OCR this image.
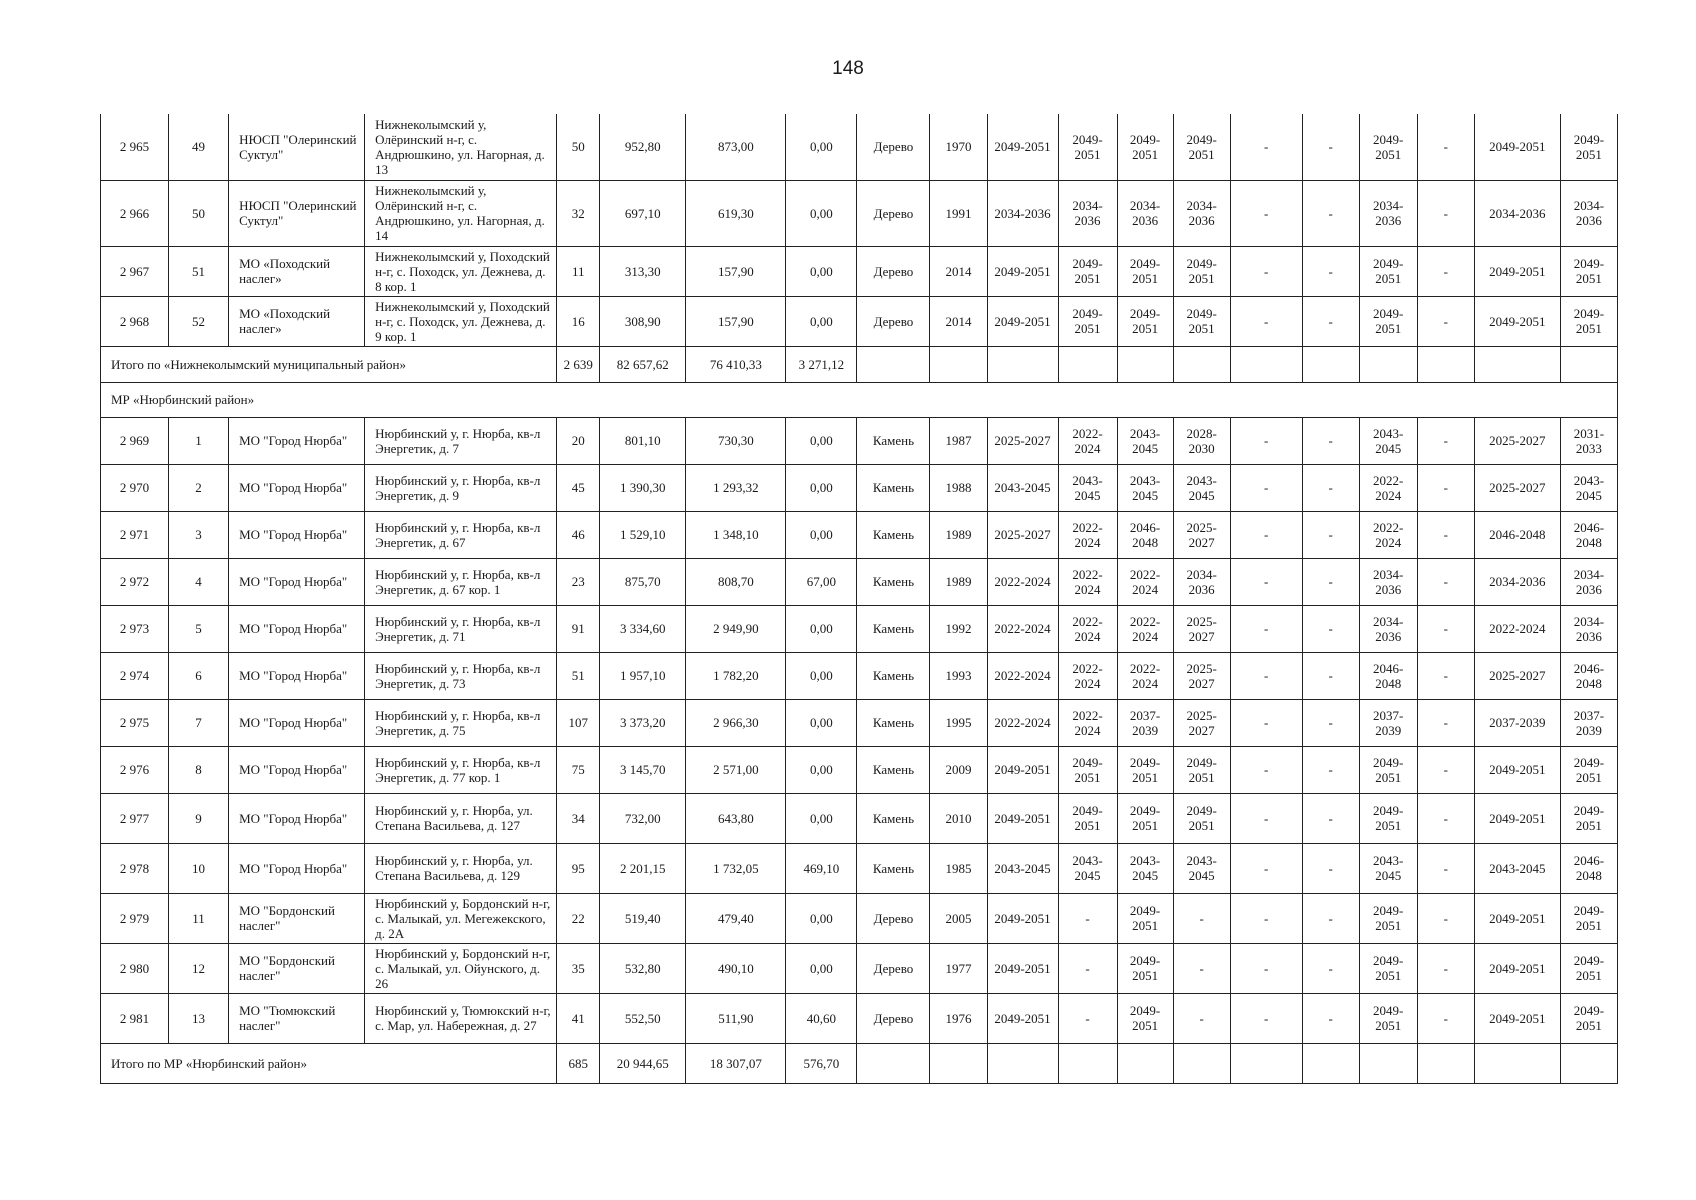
148
2 965	49	НЮСП "Олеринский Суктул"	Нижнеколымский у, Олёринский н-г, с. Андрюшкино, ул. Нагорная, д. 13	50	952,80	873,00	0,00	Дерево	1970	2049-2051	2049-2051	2049-2051	2049-2051	-	-	2049-2051	-	2049-2051	2049-2051
2 966	50	НЮСП "Олеринский Суктул"	Нижнеколымский у, Олёринский н-г, с. Андрюшкино, ул. Нагорная, д. 14	32	697,10	619,30	0,00	Дерево	1991	2034-2036	2034-2036	2034-2036	2034-2036	-	-	2034-2036	-	2034-2036	2034-2036
2 967	51	МО «Походский наслег»	Нижнеколымский у, Походский н-г, с. Походск, ул. Дежнева, д. 8 кор. 1	11	313,30	157,90	0,00	Дерево	2014	2049-2051	2049-2051	2049-2051	2049-2051	-	-	2049-2051	-	2049-2051	2049-2051
2 968	52	МО «Походский наслег»	Нижнеколымский у, Походский н-г, с. Походск, ул. Дежнева, д. 9 кор. 1	16	308,90	157,90	0,00	Дерево	2014	2049-2051	2049-2051	2049-2051	2049-2051	-	-	2049-2051	-	2049-2051	2049-2051
Итого по «Нижнеколымский муниципальный район»				2 639	82 657,62	76 410,33	3 271,12												
МР «Нюрбинский район»																			
2 969	1	МО "Город Нюрба"	Нюрбинский у, г. Нюрба, кв-л Энергетик, д. 7	20	801,10	730,30	0,00	Камень	1987	2025-2027	2022-2024	2043-2045	2028-2030	-	-	2043-2045	-	2025-2027	2031-2033
2 970	2	МО "Город Нюрба"	Нюрбинский у, г. Нюрба, кв-л Энергетик, д. 9	45	1 390,30	1 293,32	0,00	Камень	1988	2043-2045	2043-2045	2043-2045	2043-2045	-	-	2022-2024	-	2025-2027	2043-2045
2 971	3	МО "Город Нюрба"	Нюрбинский у, г. Нюрба, кв-л Энергетик, д. 67	46	1 529,10	1 348,10	0,00	Камень	1989	2025-2027	2022-2024	2046-2048	2025-2027	-	-	2022-2024	-	2046-2048	2046-2048
2 972	4	МО "Город Нюрба"	Нюрбинский у, г. Нюрба, кв-л Энергетик, д. 67 кор. 1	23	875,70	808,70	67,00	Камень	1989	2022-2024	2022-2024	2022-2024	2034-2036	-	-	2034-2036	-	2034-2036	2034-2036
2 973	5	МО "Город Нюрба"	Нюрбинский у, г. Нюрба, кв-л Энергетик, д. 71	91	3 334,60	2 949,90	0,00	Камень	1992	2022-2024	2022-2024	2022-2024	2025-2027	-	-	2034-2036	-	2022-2024	2034-2036
2 974	6	МО "Город Нюрба"	Нюрбинский у, г. Нюрба, кв-л Энергетик, д. 73	51	1 957,10	1 782,20	0,00	Камень	1993	2022-2024	2022-2024	2022-2024	2025-2027	-	-	2046-2048	-	2025-2027	2046-2048
2 975	7	МО "Город Нюрба"	Нюрбинский у, г. Нюрба, кв-л Энергетик, д. 75	107	3 373,20	2 966,30	0,00	Камень	1995	2022-2024	2022-2024	2037-2039	2025-2027	-	-	2037-2039	-	2037-2039	2037-2039
2 976	8	МО "Город Нюрба"	Нюрбинский у, г. Нюрба, кв-л Энергетик, д. 77 кор. 1	75	3 145,70	2 571,00	0,00	Камень	2009	2049-2051	2049-2051	2049-2051	2049-2051	-	-	2049-2051	-	2049-2051	2049-2051
2 977	9	МО "Город Нюрба"	Нюрбинский у, г. Нюрба, ул. Степана Васильева, д. 127	34	732,00	643,80	0,00	Камень	2010	2049-2051	2049-2051	2049-2051	2049-2051	-	-	2049-2051	-	2049-2051	2049-2051
2 978	10	МО "Город Нюрба"	Нюрбинский у, г. Нюрба, ул. Степана Васильева, д. 129	95	2 201,15	1 732,05	469,10	Камень	1985	2043-2045	2043-2045	2043-2045	2043-2045	-	-	2043-2045	-	2043-2045	2046-2048
2 979	11	МО "Бордонский наслег"	Нюрбинский у, Бордонский н-г, с. Малыкай, ул. Мегежекского, д. 2А	22	519,40	479,40	0,00	Дерево	2005	2049-2051	-	2049-2051	-	-	-	2049-2051	-	2049-2051	2049-2051
2 980	12	МО "Бордонский наслег"	Нюрбинский у, Бордонский н-г, с. Малыкай, ул. Ойунского, д. 26	35	532,80	490,10	0,00	Дерево	1977	2049-2051	-	2049-2051	-	-	-	2049-2051	-	2049-2051	2049-2051
2 981	13	МО "Тюмюкский наслег"	Нюрбинский у, Тюмюкский н-г, с. Мар, ул. Набережная, д. 27	41	552,50	511,90	40,60	Дерево	1976	2049-2051	-	2049-2051	-	-	-	2049-2051	-	2049-2051	2049-2051
Итого по МР «Нюрбинский район»				685	20 944,65	18 307,07	576,70												
